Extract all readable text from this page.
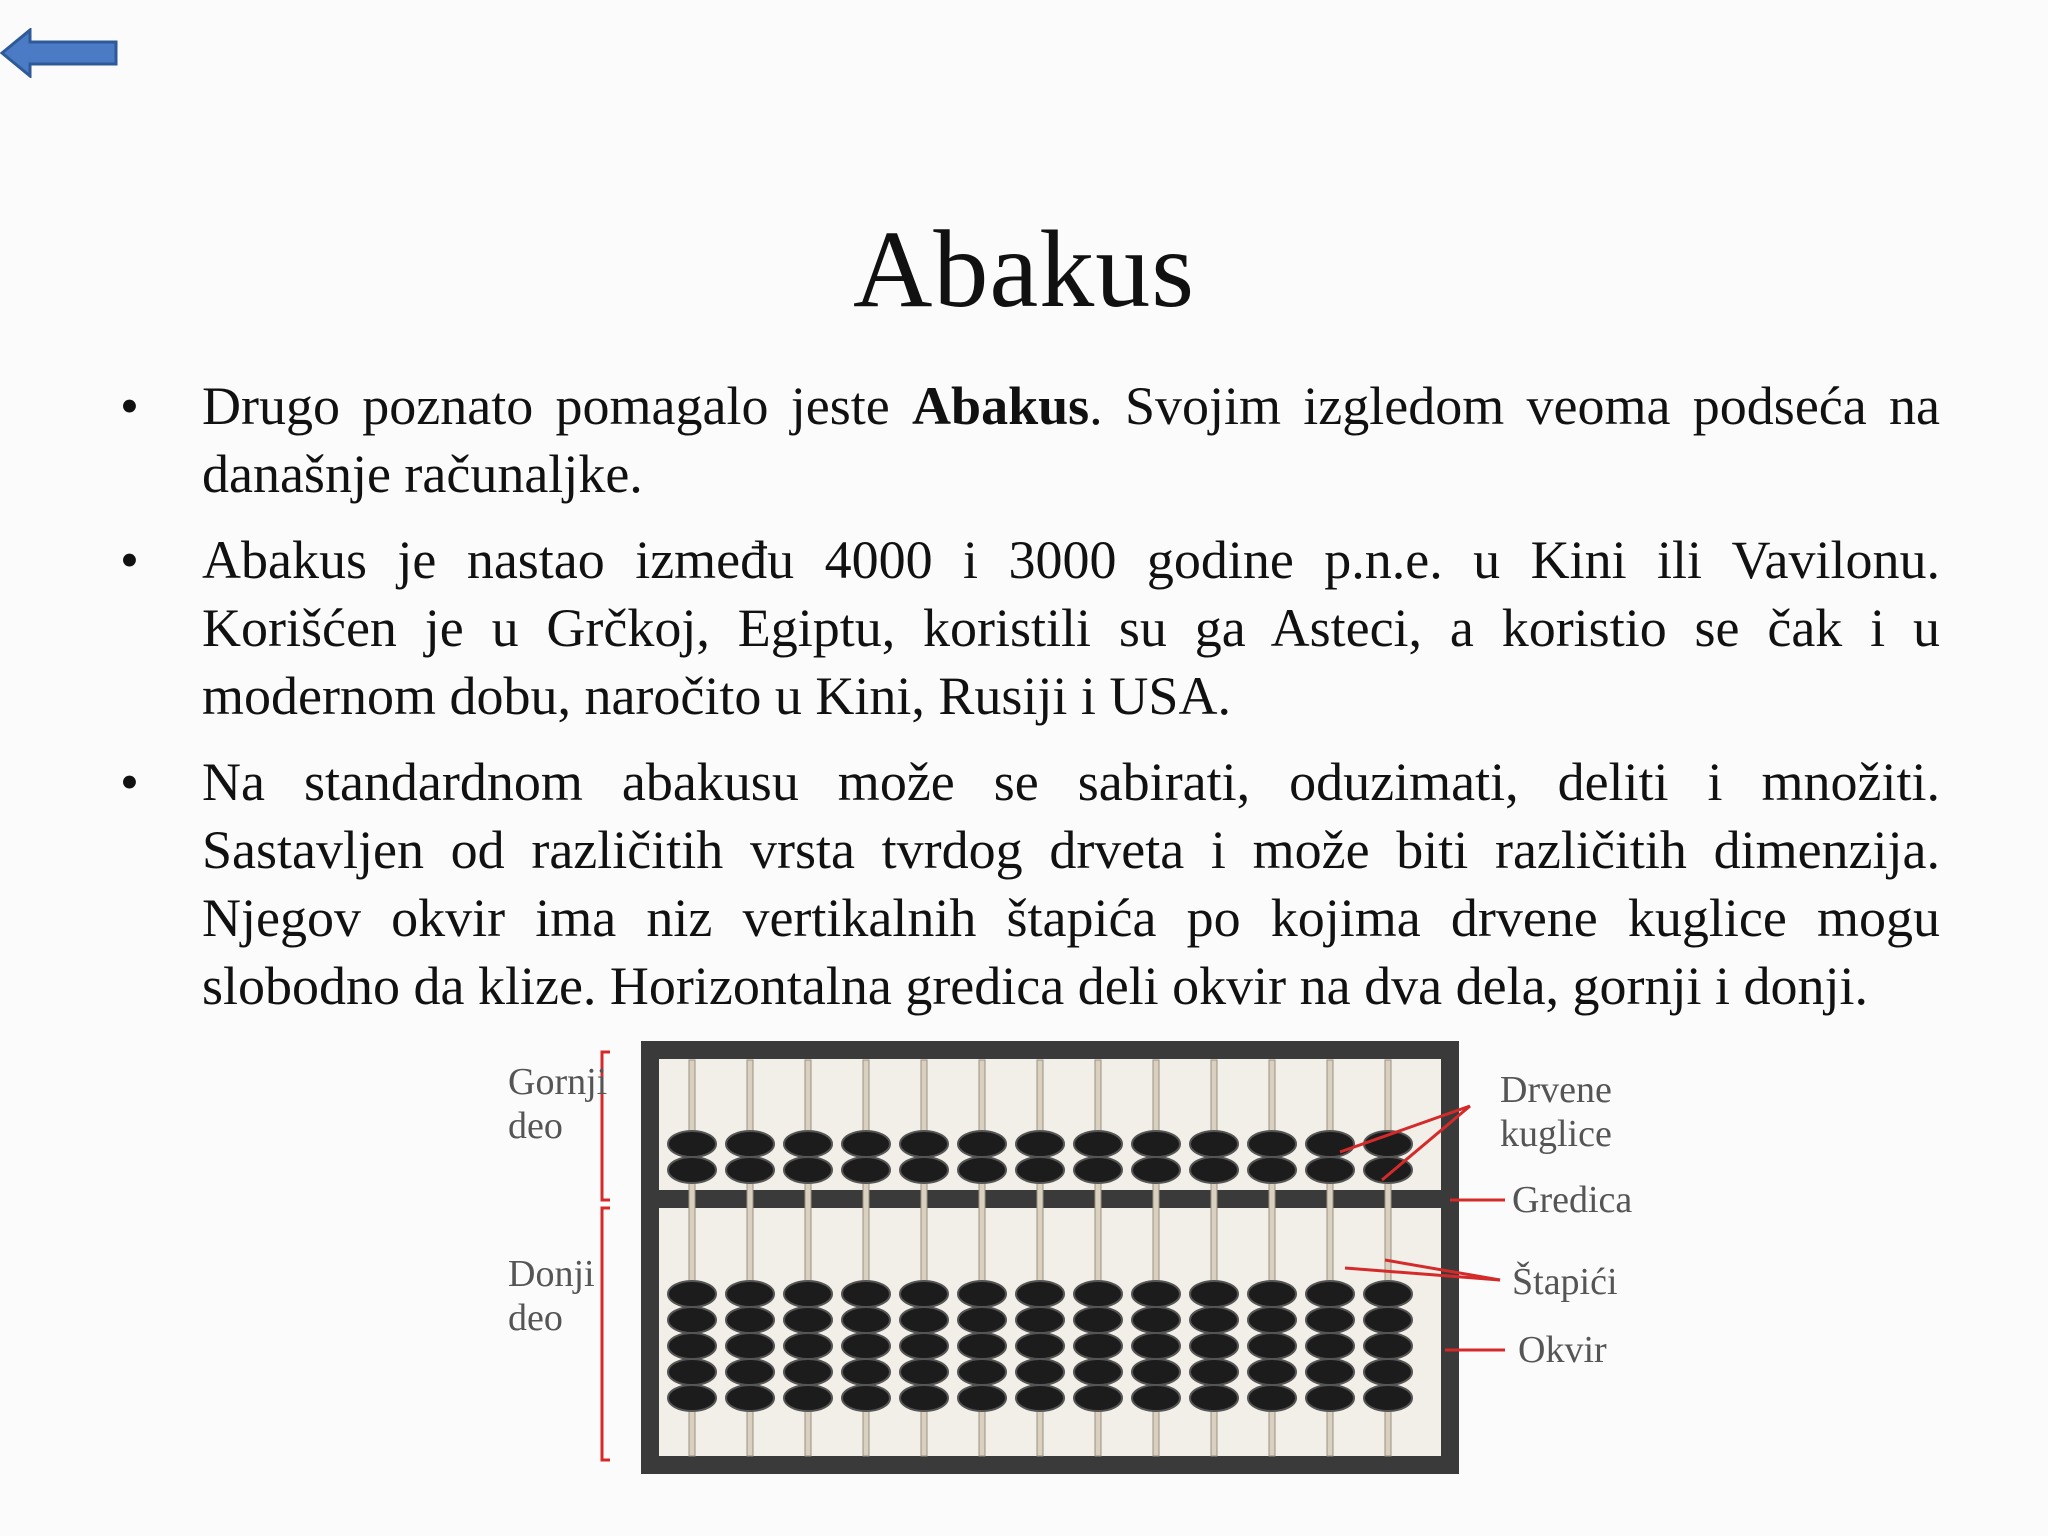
Abakus
•	Drugo poznato pomagalo jeste Abakus. Svojim izgledom veoma podseća na današnje računaljke.
•	Abakus je nastao između 4000 i 3000 godine p.n.e. u Kini ili Vavilonu. Korišćen je u Grčkoj, Egiptu, koristili su ga Asteci, a koristio se čak i u modernom dobu, naročito u Kini, Rusiji i USA.
•	Na standardnom abakusu može se sabirati, oduzimati, deliti i množiti. Sastavljen od različitih vrsta tvrdog drveta i može biti različitih dimenzija. Njegov okvir ima niz vertikalnih štapića po kojima drvene kuglice mogu slobodno da klize. Horizontalna gredica deli okvir na dva dela, gornji i donji.
Gornji
deo
Donji
deo
Drvene
kuglice
Gredica
Štapići
Okvir
